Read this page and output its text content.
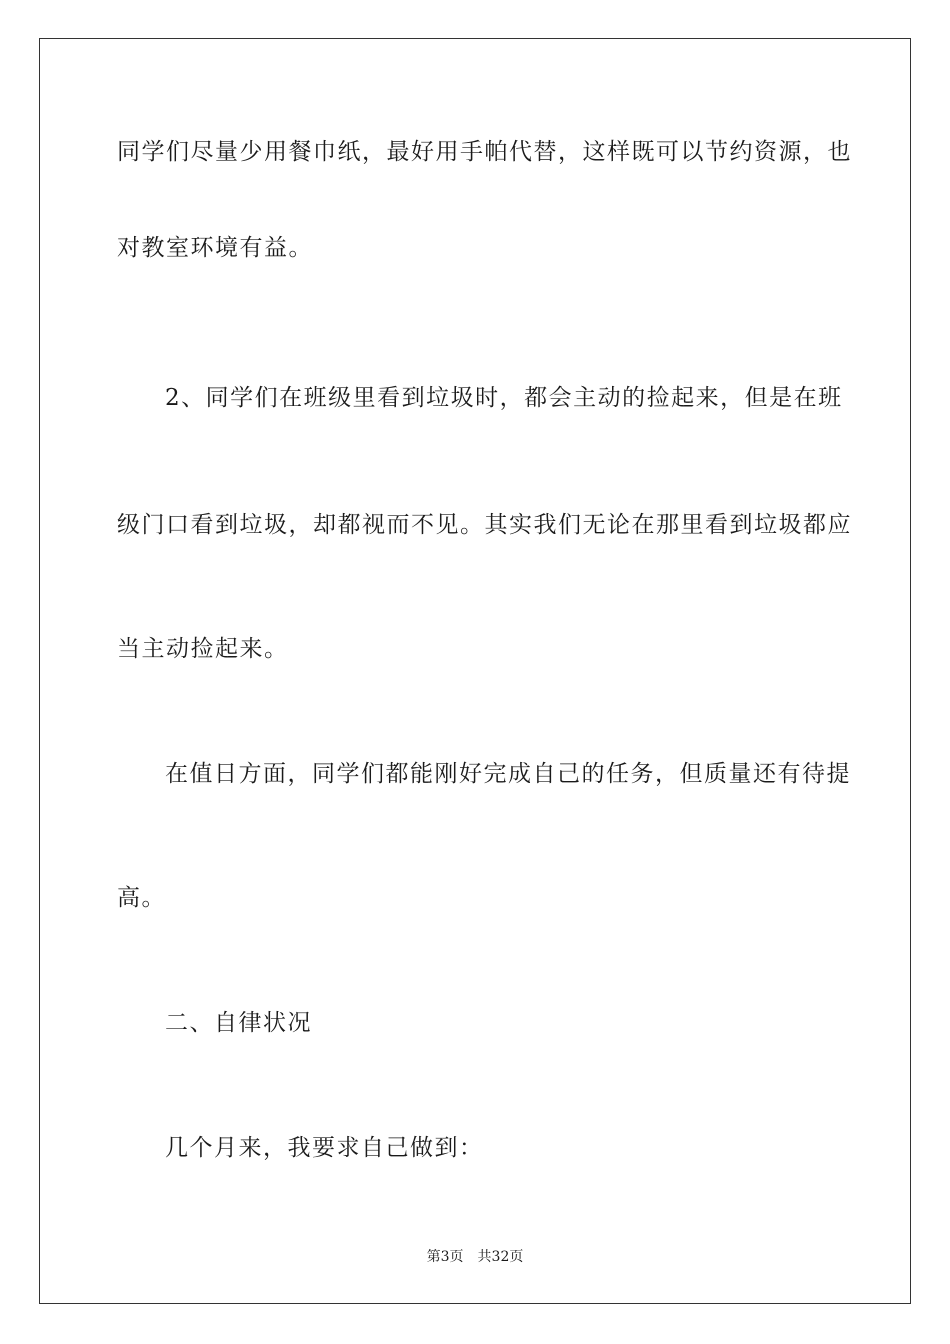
同学们尽量少用餐巾纸，最好用手帕代替，这样既可以节约资源，也
对教室环境有益。
2、同学们在班级里看到垃圾时，都会主动的捡起来，但是在班
级门口看到垃圾，却都视而不见。其实我们无论在那里看到垃圾都应
当主动捡起来。
在值日方面，同学们都能刚好完成自己的任务，但质量还有待提
高。
二、自律状况
几个月来，我要求自己做到：
第3页 共32页
